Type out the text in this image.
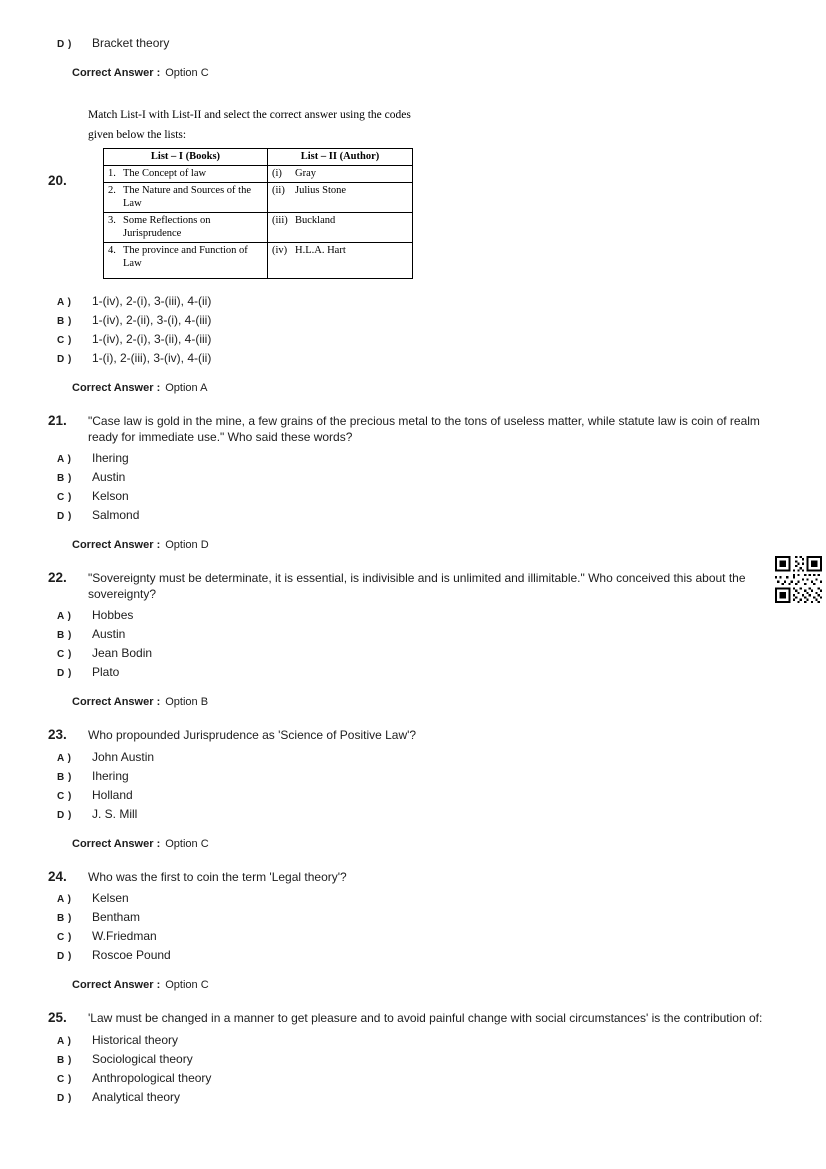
D )	Bracket theory
Correct Answer : Option C
20.
Match List-I with List-II and select the correct answer using the codes
given below the lists:
List – I (Books)	List – II (Author)

1. The Concept of law	(i) Gray

2. The Nature and Sources of the Law	(ii) Julius Stone

3. Some Reflections on Jurisprudence	(iii) Buckland

4. The province and Function of Law	(iv) H.L.A. Hart
A )	1-(iv), 2-(i), 3-(iii), 4-(ii)
B )	1-(iv), 2-(ii), 3-(i), 4-(iii)
C )	1-(iv), 2-(i), 3-(ii), 4-(iii)
D )	1-(i), 2-(iii), 3-(iv), 4-(ii)
Correct Answer : Option A
21.	"Case law is gold in the mine, a few grains of the precious metal to the tons of useless matter, while statute law is coin of realm ready for immediate use." Who said these words?
A )	Ihering
B )	Austin
C )	Kelson
D )	Salmond
Correct Answer : Option D
22.	"Sovereignty must be determinate, it is essential, is indivisible and is unlimited and illimitable." Who conceived this about the sovereignty?
A )	Hobbes
B )	Austin
C )	Jean Bodin
D )	Plato
Correct Answer : Option B
23.	Who propounded Jurisprudence as 'Science of Positive Law'?
A )	John Austin
B )	Ihering
C )	Holland
D )	J. S. Mill
Correct Answer : Option C
24.	Who was the first to coin the term 'Legal theory'?
A )	Kelsen
B )	Bentham
C )	W.Friedman
D )	Roscoe Pound
Correct Answer : Option C
25.	'Law must be changed in a manner to get pleasure and to avoid painful change with social circumstances' is the contribution of:
A )	Historical theory
B )	Sociological theory
C )	Anthropological theory
D )	Analytical theory
